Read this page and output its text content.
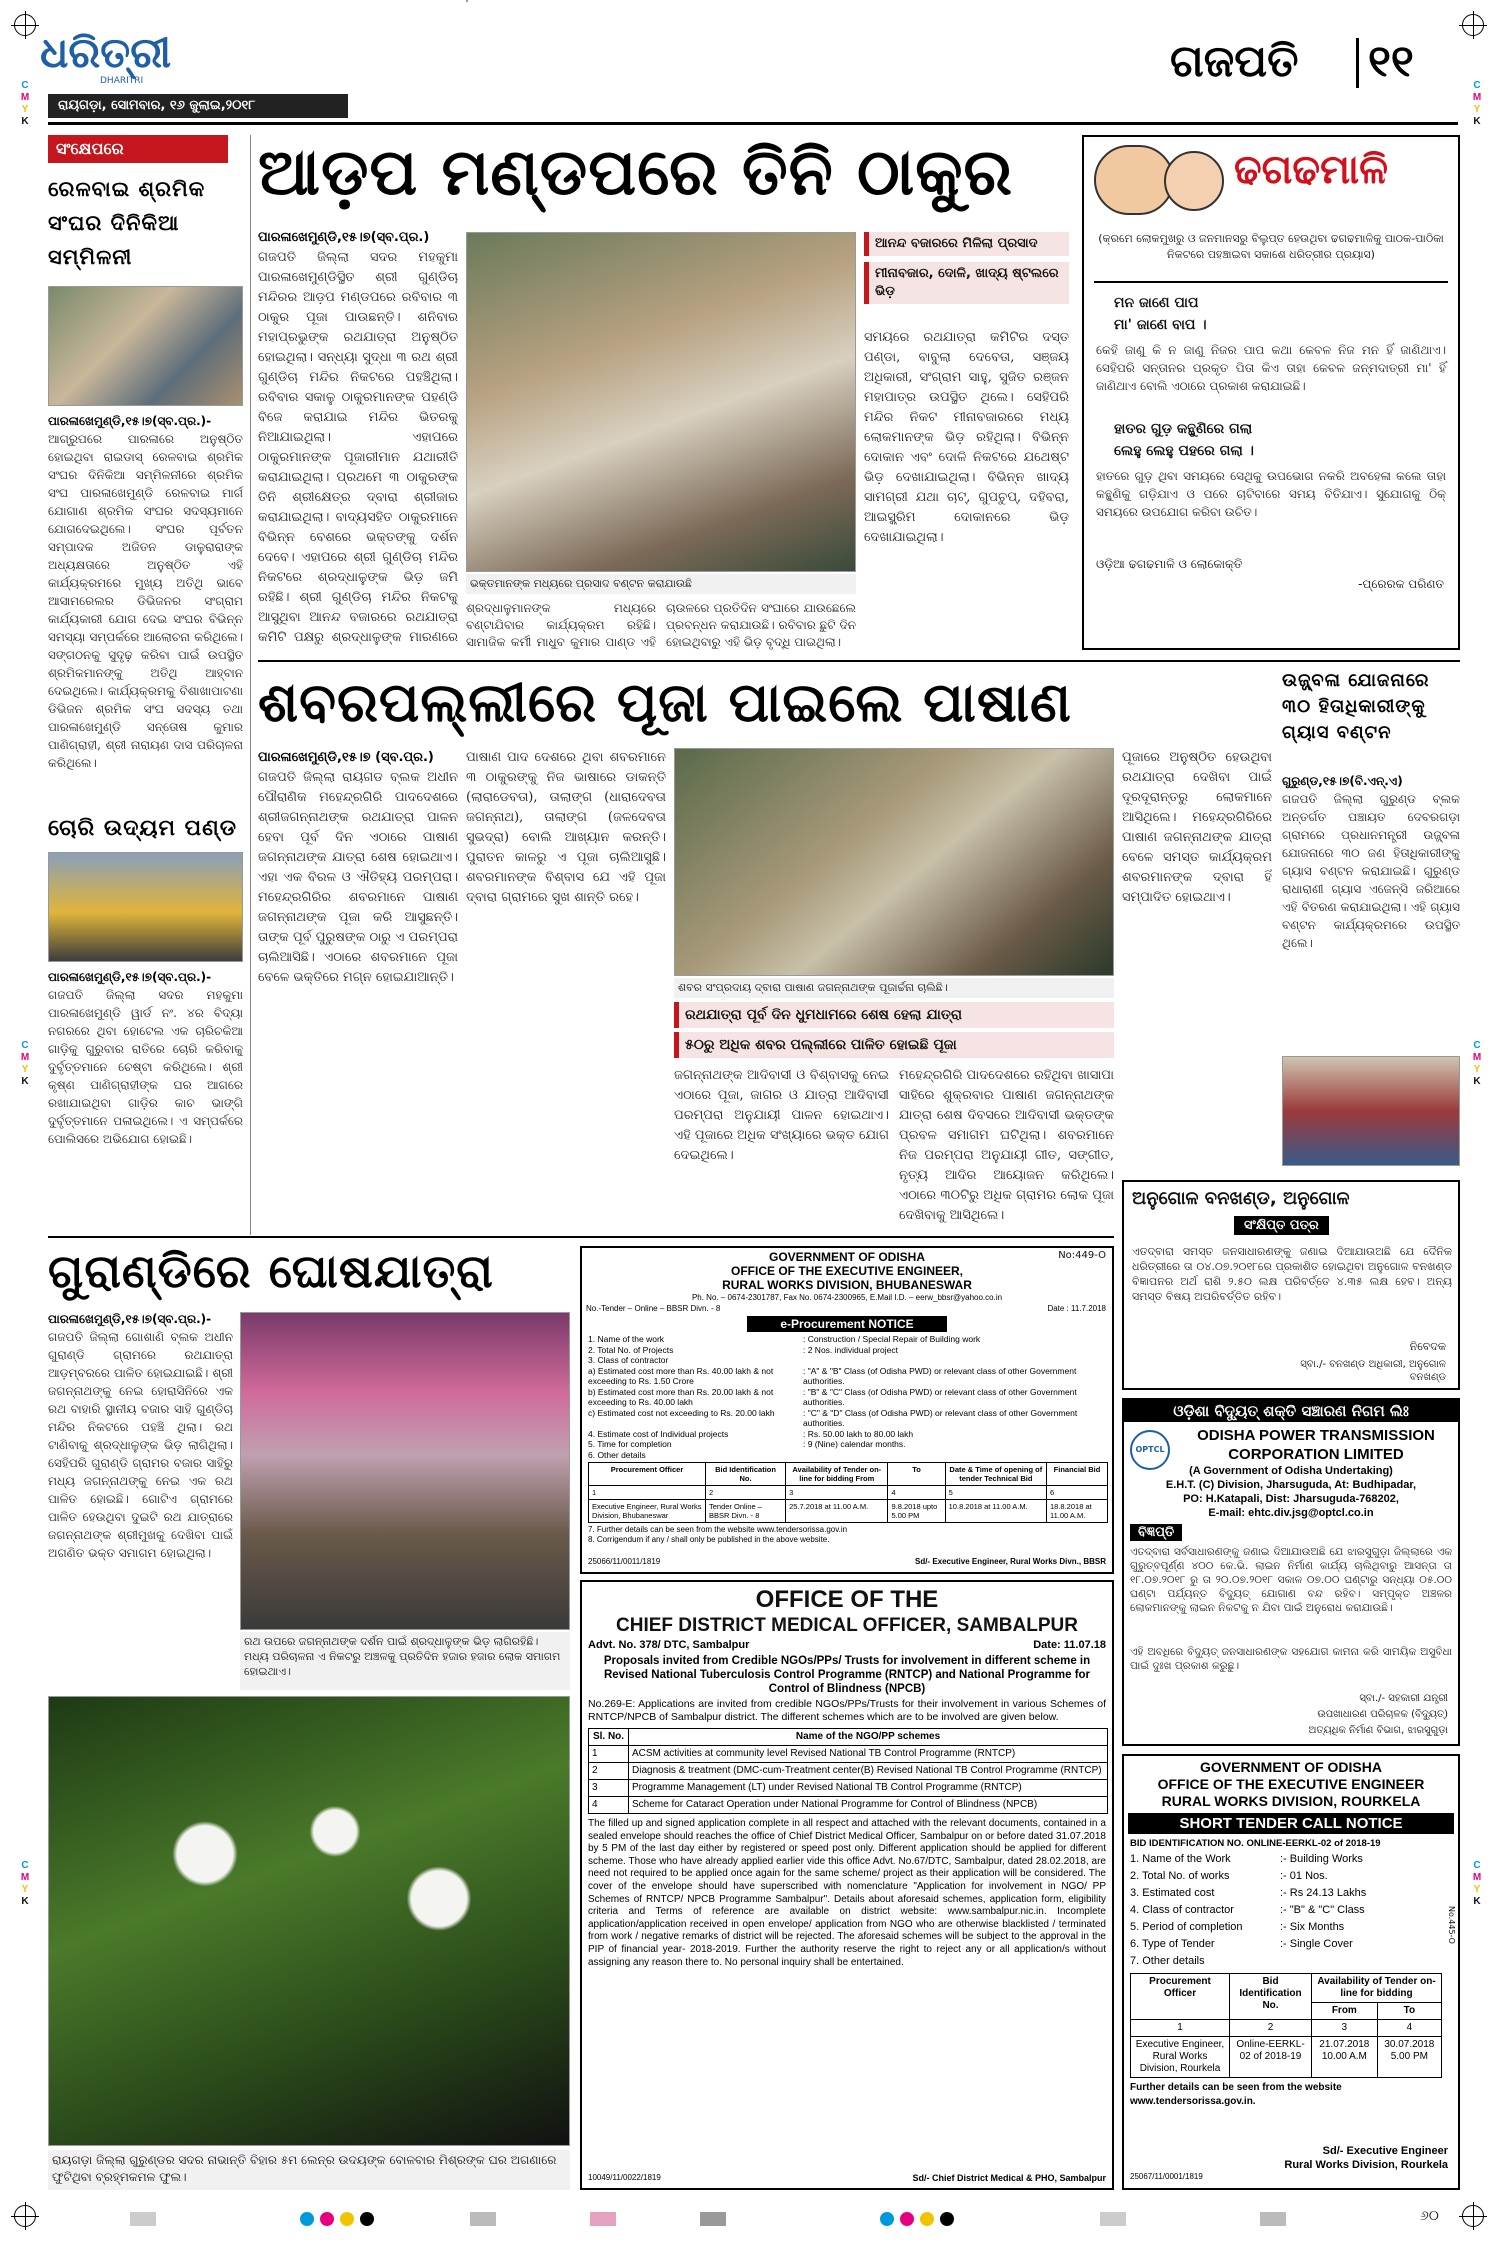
C
M
Y
K
C
M
Y
K
C
M
Y
K
C
M
Y
K
C
M
Y
K
C
M
Y
K
ଧରିତ୍ରୀ
DHARITRI
ରାୟଗଡ଼ା, ସୋମବାର, ୧୬ ଜୁଲାଇ,୨୦୧୮
ଗଜପତି ୧୧
ସଂକ୍ଷେପରେ
ରେଳବାଇ ଶ୍ରମିକ ସଂଘର ଦିନିକିଆ ସମ୍ମିଳନୀ
ପାରଳାଖେମୁଣ୍ଡି,୧୫।୭(ସ୍ବ.ପ୍ର.)- ଆଗ୍ରୁପରେ ପାରଳାରେ ଅନୁଷ୍ଠିତ ହୋଇଥିବା ରାଇଡାସ୍ ରେଳବାଇ ଶ୍ରମିକ ସଂଘର ଦିନିକିଆ ସମ୍ମିଳନୀରେ ଶ୍ରମିକ ସଂଘ ପାରଳାଖେମୁଣ୍ଡି ରେଳବାଇ ମାର୍ଗ ଯୋଗାଣ ଶ୍ରମିକ ସଂଘର ସଦସ୍ୟମାନେ ଯୋଗଦେଇଥିଲେ। ସଂଘର ପୂର୍ବତନ ସମ୍ପାଦକ ଅଜିତନ ଡାଳୁରାରାଙ୍କ ଅଧ୍ୟକ୍ଷତାରେ ଅନୁଷ୍ଠିତ ଏହି କାର୍ଯ୍ୟକ୍ରମରେ ମୁଖ୍ୟ ଅତିଥି ଭାବେ ଆସାମରେଲର ଡିଭିଜନର ସଂଗ୍ରାମ କାର୍ଯ୍ୟକାରୀ ଯୋଗ ଦେଇ ସଂଘର ବିଭିନ୍ନ ସମସ୍ୟା ସମ୍ପର୍କରେ ଆଲୋଚନା କରିଥିଲେ। ସଙ୍ଗଠନକୁ ସୁଦୃଢ଼ କରିବା ପାଇଁ ଉପସ୍ଥିତ ଶ୍ରମିକମାନଙ୍କୁ ଅତିଥି ଆହ୍ବାନ ଦେଇଥିଲେ। କାର୍ଯ୍ୟକ୍ରମକୁ ବିଶାଖାପାଟଣା ଡିଭିଜନ ଶ୍ରମିକ ସଂଘ ସଦସ୍ୟ ତଥା ପାରଳାଖେମୁଣ୍ଡି ସନ୍ତୋଷ କୁମାର ପାଣିଗ୍ରାହୀ, ଶ୍ରୀ ନାରାୟଣ ଦାସ ପରିଚାଳନା କରିଥିଲେ।
ଚୋରି ଉଦ୍ୟମ ପଣ୍ଡ
ପାରଳାଖେମୁଣ୍ଡି,୧୫।୭(ସ୍ବ.ପ୍ର.)- ଗଜପତି ଜିଲ୍ଲା ସଦର ମହକୁମା ପାରଳାଖେମୁଣ୍ଡି ୱାର୍ଡ ନଂ. ୪ର ବିଦ୍ୟା ନଗରରେ ଥିବା ହୋଟେଲ ଏକ ଚାରିଚକିଆ ଗାଡ଼ିକୁ ଗୁରୁବାର ରାତିରେ ଚୋରି କରିବାକୁ ଦୁର୍ବୃତ୍ତମାନେ ଚେଷ୍ଟା କରିଥିଲେ। ଶ୍ରୀ କୃଷ୍ଣ ପାଣିଗ୍ରାହୀଙ୍କ ଘର ଆଗରେ ରଖାଯାଇଥିବା ଗାଡ଼ିର କାଚ ଭାଙ୍ଗି ଦୁର୍ବୃତ୍ତମାନେ ପଳାଇଥିଲେ। ଏ ସମ୍ପର୍କରେ ପୋଲିସରେ ଅଭିଯୋଗ ହୋଇଛି।
ଆଡ଼ପ ମଣ୍ଡପରେ ତିନି ଠାକୁର
ପାରଳାଖେମୁଣ୍ଡି,୧୫।୭(ସ୍ବ.ପ୍ର.)
ଗଜପତି ଜିଲ୍ଲା ସଦର ମହକୁମା ପାରଳାଖେମୁଣ୍ଡିସ୍ଥିତ ଶ୍ରୀ ଗୁଣ୍ଡିଚା ମନ୍ଦିରର ଆଡ଼ପ ମଣ୍ଡପରେ ରବିବାର ୩ ଠାକୁର ପୂଜା ପାଉଛନ୍ତି। ଶନିବାର ମହାପ୍ରଭୁଙ୍କ ରଥଯାତ୍ରା ଅନୁଷ୍ଠିତ ହୋଇଥିଲା। ସନ୍ଧ୍ୟା ସୁଦ୍ଧା ୩ ରଥ ଶ୍ରୀ ଗୁଣ୍ଡିଚା ମନ୍ଦିର ନିକଟରେ ପହଞ୍ଚିଥିଲା। ରବିବାର ସକାଳୁ ଠାକୁରମାନଙ୍କ ପହଣ୍ଡି ବିଜେ କରାଯାଇ ମନ୍ଦିର ଭିତରକୁ ନିଆଯାଇଥିଲା। ଏହାପରେ ଠାକୁରମାନଙ୍କ ପୂଜାରୀମାନ ଯଥାରୀତି କରାଯାଇଥିଲା। ପ୍ରଥମେ ୩ ଠାକୁରଙ୍କ ତିନି ଶ୍ରୀକ୍ଷେତ୍ର ଦ୍ବାରା ଶ୍ରୀଜାର କରାଯାଇଥିଲା। ବାଦ୍ୟସହିତ ଠାକୁରମାନେ ବିଭିନ୍ନ ବେଶରେ ଭକ୍ତଙ୍କୁ ଦର୍ଶନ ଦେବେ। ଏହାପରେ ଶ୍ରୀ ଗୁଣ୍ଡିଚା ମନ୍ଦିର ନିକଟରେ ଶ୍ରଦ୍ଧାଳୁଙ୍କ ଭିଡ଼ ଜମି ରହିଛି। ଶ୍ରୀ ଗୁଣ୍ଡିଚା ମନ୍ଦିର ନିକଟକୁ ଆସୁଥିବା ଆନନ୍ଦ ବଜାରରେ ରଥଯାତ୍ରା କମିଟି ପକ୍ଷରୁ ଶ୍ରଦ୍ଧାଳୁଙ୍କ ମାରଣରେ
ଭକ୍ତମାନଙ୍କ ମଧ୍ୟରେ ପ୍ରସାଦ ବଣ୍ଟନ କରାଯାଉଛି
ଶ୍ରଦ୍ଧାଳୁମାନଙ୍କ ମଧ୍ୟରେ ବଣ୍ଟାଯିବାର କାର୍ଯ୍ୟକ୍ରମ ରହିଛି। ସାମାଜିକ କର୍ମୀ ମାଧୁବ କୁମାର ପାଣ୍ଡ ଏହି
ଚାଉଳରେ ପ୍ରତିଦିନ ସଂଘାରେ ଯାଉଛେଲେ ପ୍ରବନ୍ଧନ କରାଯାଉଛି। ରବିବାର ଛୁଟି ଦିନ ହୋଇଥିବାରୁ ଏହି ଭିଡ଼ ବୃଦ୍ଧି ପାଇଥିଲା।
ଆନନ୍ଦ ବଜାରରେ ମିଳିଲା ପ୍ରସାଦ
ମୀନାବଜାର, ଦୋଳି, ଖାଦ୍ୟ ଷ୍ଟଲରେ ଭିଡ଼
ସମୟରେ ରଥଯାତ୍ରା କମିଟିର ଦସ୍ତ ପଣ୍ଡା, ବାବୁଲା ଦେବେତା, ସଞ୍ଜୟ ଅଧିକାରୀ, ସଂଗ୍ରାମ ସାହୁ, ସୁଜିତ ରଞ୍ଜନ ମହାପାତ୍ର ଉପସ୍ଥିତ ଥିଲେ। ସେହିପରି ମନ୍ଦିର ନିକଟ ମୀନାବଜାରରେ ମଧ୍ୟ ଲୋକମାନଙ୍କ ଭିଡ଼ ରହିଥିଲା। ବିଭିନ୍ନ ଦୋକାନ ଏବଂ ଦୋଳି ନିକଟରେ ଯଥେଷ୍ଟ ଭିଡ଼ ଦେଖାଯାଇଥିଲା। ବିଭିନ୍ନ ଖାଦ୍ୟ ସାମଗ୍ରୀ ଯଥା ଚାଟ୍, ଗୁପଚୁପ୍, ଦହିବରା, ଆଇସ୍କ୍ରିମ ଦୋକାନରେ ଭିଡ଼ ଦେଖାଯାଇଥିଲା।
ଢଗଢମାଳି
(କ୍ରମେ ଲୋକମୁଖରୁ ଓ ଜନମାନସରୁ ବିଲୁପ୍ତ ହେଉଥିବା ଢଗଢମାଳିକୁ ପାଠକ-ପାଠିକା ନିକଟରେ ପହଞ୍ଚାଇବା ସକାଶେ ଧରିତ୍ରୀର ପ୍ରୟାସ)
ମନ ଜାଣେ ପାପ
ମା' ଜାଣେ ବାପ ।
କେହି ଜାଣୁ କି ନ ଜାଣୁ ନିଜର ପାପ କଥା କେବଳ ନିଜ ମନ ହିଁ ଜାଣିଥାଏ। ସେହିପରି ସନ୍ତାନର ପ୍ରକୃତ ପିତା କିଏ ତାହା କେବଳ ଜନ୍ମଦାତ୍ରୀ ମା' ହିଁ ଜାଣିଥାଏ ବୋଲି ଏଠାରେ ପ୍ରକାଶ କରାଯାଇଛି।
ହାତର ଗୁଡ଼ କନ୍ଥୁଣିରେ ଗଲା
ଲେହୁ ଲେହୁ ପହରେ ଗଲା ।
ହାତରେ ଗୁଡ଼ ଥିବା ସମୟରେ ସେଥିକୁ ଉପଭୋଗ ନକରି ଅବହେଳା କଲେ ତାହା କନ୍ଥୁଣିକୁ ଗଡ଼ିଯାଏ ଓ ପରେ ଚାଟିବାରେ ସମୟ ବିତିଯାଏ। ସୁଯୋଗକୁ ଠିକ୍ ସମୟରେ ଉପଯୋଗ କରିବା ଉଚିତ।
ଓଡ଼ିଆ ଢଗଢମାଳି ଓ ଲୋକୋକ୍ତି
-ପ୍ରେରକ ପରିଣତ
ଶବରପଲ୍ଲୀରେ ପୂଜା ପାଇଲେ ପାଷାଣ
ପାରଳାଖେମୁଣ୍ଡି,୧୫।୭ (ସ୍ବ.ପ୍ର.)
ଗଜପତି ଜିଲ୍ଲା ରାୟଗଡ ବ୍ଲକ ଅଧୀନ ପୌରାଣିକ ମହେନ୍ଦ୍ରଗିରି ପାଦଦେଶରେ ଶ୍ରୀଜଗନ୍ନାଥଙ୍କ ରଥଯାତ୍ରା ପାଳନ ହେବା ପୂର୍ବ ଦିନ ଏଠାରେ ପାଷାଣ ଜଗନ୍ନାଥଙ୍କ ଯାତ୍ରା ଶେଷ ହୋଇଥାଏ। ଏହା ଏକ ବିରଳ ଓ ଐତିହ୍ୟ ପରମ୍ପରା। ମହେନ୍ଦ୍ରଗିରିର ଶବରମାନେ ପାଷାଣ ଜଗନ୍ନାଥଙ୍କ ପୂଜା କରି ଆସୁଛନ୍ତି। ତାଙ୍କ ପୂର୍ବ ପୁରୁଷଙ୍କ ଠାରୁ ଏ ପରମ୍ପରା ଚାଲିଆସିଛି। ଏଠାରେ ଶବରମାନେ ପୂଜା ବେଳେ ଭକ୍ତିରେ ମଗ୍ନ ହୋଇଯାଆନ୍ତି।
ପାଷାଣ ପାଦ ଦେଶରେ ଥିବା ଶବରମାନେ ୩ ଠାକୁରଙ୍କୁ ନିଜ ଭାଷାରେ ଡାକନ୍ତି (ଲାରାଡେବତା), ତାଲାଙ୍ଗ (ଧାରାଦେବତା ଜଗନ୍ନାଥ), ତାଲାଙ୍ଗ (ଜଳଦେବତା ସୁଭଦ୍ରା) ବୋଲି ଆଖ୍ୟାନ କରନ୍ତି। ପୁରାତନ କାଳରୁ ଏ ପୂଜା ଚାଲିଆସୁଛି। ଶବରମାନଙ୍କ ବିଶ୍ବାସ ଯେ ଏହି ପୂଜା ଦ୍ବାରା ଗ୍ରାମରେ ସୁଖ ଶାନ୍ତି ରହେ।
ଶବର ସଂପ୍ରଦାୟ ଦ୍ବାରା ପାଷାଣ ଜଗନ୍ନାଥଙ୍କ ପୂଜାର୍ଚ୍ଚନା ଚାଲିଛି।
ରଥଯାତ୍ରା ପୂର୍ବ ଦିନ ଧୁମଧାମରେ ଶେଷ ହେଲା ଯାତ୍ରା
୫୦ରୁ ଅଧିକ ଶବର ପଲ୍ଲୀରେ ପାଳିତ ହୋଇଛି ପୂଜା
ଜଗନ୍ନାଥଙ୍କ ଆଦିବାସୀ ଓ ବିଶ୍ବାସକୁ ନେଇ ଏଠାରେ ପୂଜା, ଜାଗର ଓ ଯାତ୍ରା ଆଦିବାସୀ ପରମ୍ପରା ଅନୁଯାୟୀ ପାଳନ ହୋଇଥାଏ। ଏହି ପୂଜାରେ ଅଧିକ ସଂଖ୍ୟାରେ ଭକ୍ତ ଯୋଗ ଦେଇଥିଲେ।
ମହେନ୍ଦ୍ରଗିରି ପାଦଦେଶରେ ରହିଥିବା ଖାସାପା ସାହିରେ ଶୁକ୍ରବାର ପାଷାଣ ଜଗନ୍ନାଥଙ୍କ ଯାତ୍ରା ଶେଷ ଦିବସରେ ଆଦିବାସୀ ଭକ୍ତଙ୍କ ପ୍ରବଳ ସମାଗମ ଘଟିଥିଲା। ଶବରମାନେ ନିଜ ପରମ୍ପରା ଅନୁଯାୟୀ ଗୀତ, ସଙ୍ଗୀତ, ନୃତ୍ୟ ଆଦିର ଆୟୋଜନ କରିଥିଲେ। ଏଠାରେ ୩୦ଟିରୁ ଅଧିକ ଗ୍ରାମର ଲୋକ ପୂଜା ଦେଖିବାକୁ ଆସିଥିଲେ।
ପୂଜାରେ ଅନୁଷ୍ଠିତ ହେଉଥିବା ରଥଯାତ୍ରା ଦେଖିବା ପାଇଁ ଦୂରଦୂରାନ୍ତରୁ ଲୋକମାନେ ଆସିଥିଲେ। ମହେନ୍ଦ୍ରଗିରିରେ ପାଷାଣ ଜଗନ୍ନାଥଙ୍କ ଯାତ୍ରା ବେଳେ ସମସ୍ତ କାର୍ଯ୍ୟକ୍ରମ ଶବରମାନଙ୍କ ଦ୍ବାରା ହିଁ ସମ୍ପାଦିତ ହୋଇଥାଏ।
ଉଜ୍ଜ୍ବଳା ଯୋଜନାରେ ୩୦ ହିତାଧିକାରୀଙ୍କୁ ଗ୍ୟାସ ବଣ୍ଟନ
ଗୁରୁଣ୍ଡ,୧୫।୭(ବି.ଏନ୍.ଏ)
ଗଜପତି ଜିଲ୍ଲା ଗୁରୁଣ୍ଡ ବ୍ଲକ ଅନ୍ତର୍ଗତ ପଞ୍ଚାୟତ ଦେବରଗଡ଼ା ଗ୍ରାମରେ ପ୍ରଧାନମନ୍ତ୍ରୀ ଉଜ୍ଜ୍ବଳା ଯୋଜନାରେ ୩୦ ଜଣ ହିତାଧିକାରୀଙ୍କୁ ଗ୍ୟାସ ବଣ୍ଟନ କରାଯାଇଛି। ଗୁରୁଣ୍ଡ ରାଧାରାଣୀ ଗ୍ୟାସ ଏଜେନ୍ସି ଜରିଆରେ ଏହି ବିତରଣ କରାଯାଇଥିଲା। ଏହି ଗ୍ୟାସ ବଣ୍ଟନ କାର୍ଯ୍ୟକ୍ରମରେ ଉପସ୍ଥିତ ଥିଲେ।
ଅନୁଗୋଳ ବନଖଣ୍ଡ, ଅନୁଗୋଳ
ସଂକ୍ଷିପ୍ତ ପତ୍ର
ଏତଦ୍ବାରା ସମସ୍ତ ଜନସାଧାରଣଙ୍କୁ ଜଣାଇ ଦିଆଯାଉଅଛି ଯେ ଦୈନିକ ଧରିତ୍ରୀରେ ତା ୦୪.୦୭.୨୦୧୮ରେ ପ୍ରକାଶିତ ହୋଇଥିବା ଅନୁଗୋଳ ବନଖଣ୍ଡ ବିଜ୍ଞାପନର ଅର୍ଥ ରାଶି ୨.୫୦ ଲକ୍ଷ ପରିବର୍ତ୍ତେ ୪.୩୫ ଲକ୍ଷ ହେବ। ଅନ୍ୟ ସମସ୍ତ ବିଷୟ ଅପରିବର୍ତ୍ତିତ ରହିବ।
ନିବେଦକ
ସ୍ବା./- ବନଖଣ୍ଡ ଅଧିକାରୀ, ଅନୁଗୋଳ ବନଖଣ୍ଡ
ଗୁରାଣ୍ଡିରେ ଘୋଷଯାତ୍ରା
ପାରଳାଖେମୁଣ୍ଡି,୧୫।୭(ସ୍ବ.ପ୍ର.)-
ଗଜପତି ଜିଲ୍ଲା ଗୋଶାଣି ବ୍ଲକ ଅଧୀନ ଗୁରାଣ୍ଡି ଗ୍ରାମରେ ରଥଯାତ୍ରା ଆଡ଼ମ୍ବରରେ ପାଳିତ ହୋଇଯାଇଛି। ଶ୍ରୀ ଜଗନ୍ନାଥଙ୍କୁ ନେଇ ହୋରାସିନିରେ ଏକ ରଥ ବାହାରି ସ୍ଥାନୀୟ ବଜାର ସାହି ଗୁଣ୍ଡିଚା ମନ୍ଦିର ନିକଟରେ ପହଞ୍ଚି ଥିଲା। ରଥ ଟାଣିବାକୁ ଶ୍ରଦ୍ଧାଳୁଙ୍କ ଭିଡ଼ ଲାଗିଥିଲା। ସେହିପରି ଗୁରାଣ୍ଡି ଗ୍ରାମର ବଜାର ସାହିରୁ ମଧ୍ୟ ଜଗନ୍ନାଥଙ୍କୁ ନେଇ ଏକ ରଥ ପାଳିତ ହୋଇଛି। ଗୋଟିଏ ଗ୍ରାମରେ ପାଳିତ ହେଉଥିବା ଦୁଇଟି ରଥ ଯାତ୍ରାରେ ଜଗନ୍ନାଥଙ୍କ ଶ୍ରୀମୁଖକୁ ଦେଖିବା ପାଇଁ ଅଗଣିତ ଭକ୍ତ ସମାଗମ ହୋଇଥିଲା।
ରଥ ଉପରେ ଜଗନ୍ନାଥଙ୍କ ଦର୍ଶନ ପାଇଁ ଶ୍ରଦ୍ଧାଳୁଙ୍କ ଭିଡ଼ ଲାଗିରହିଛି। ମଧ୍ୟ ପରିଚାଳନା ଏ ନିକଟରୁ ଅଞ୍ଚଳକୁ ପ୍ରତିଦିନ ହଜାର ହଜାର ଲୋକ ସମାଗମ ହୋଇଥାଏ।
ରାୟଗଡ଼ା ଜିଲ୍ଲା ଗୁରୁଣ୍ଡର ସଦର ନାଭାନ୍ତି ବିହାର ୫ମ ଲେନ୍‌ର ଉଦୟଙ୍କ ବୋଳବାର ମିଶ୍ରଙ୍କ ଘର ଅଗଣାରେ ଫୁଟିଥିବା ବ୍ରହ୍ମକମଳ ଫୁଲ।
No:449-O
GOVERNMENT OF ODISHA
OFFICE OF THE EXECUTIVE ENGINEER,
RURAL WORKS DIVISION, BHUBANESWAR
Ph. No. – 0674-2301787, Fax No. 0674-2300965, E.Mail I.D. – eerw_bbsr@yahoo.co.in
No.-Tender – Online – BBSR Divn. - 8	Date : 11.7.2018
e-Procurement NOTICE
1. Name of the work	: Construction / Special Repair of Building work
2. Total No. of Projects	: 2 Nos. individual project
3. Class of contractor
a) Estimated cost more than Rs. 40.00 lakh & not exceeding to Rs. 1.50 Crore
: "A" & "B" Class (of Odisha PWD) or relevant class of other Government authorities.
b) Estimated cost more than Rs. 20.00 lakh & not exceeding to Rs. 40.00 lakh
: "B" & "C" Class (of Odisha PWD) or relevant class of other Government authorities.
c) Estimated cost not exceeding to Rs. 20.00 lakh	: "C" & "D" Class (of Odisha PWD) or relevant class of other Government authorities.
4. Estimate cost of Individual projects	: Rs. 50.00 lakh to 80.00 lakh
5. Time for completion	: 9 (Nine) calendar months.
6. Other details
Procurement Officer	Bid Identification No.	Availability of Tender on-line for bidding From	To	Date & Time of opening of tender Technical Bid	Financial Bid
1	2	3	4	5	6
Executive Engineer, Rural Works Division, Bhubaneswar	Tender Online – BBSR Divn. - 8	25.7.2018 at 11.00 A.M.	9.8.2018 upto 5.00 PM	10.8.2018 at 11.00 A.M.	18.8.2018 at 11.00 A.M.
7. Further details can be seen from the website www.tendersorissa.gov.in
8. Corrigendum if any / shall only be published in the above website.
25066/11/0011/1819	Sd/- Executive Engineer, Rural Works Divn., BBSR
OFFICE OF THE
CHIEF DISTRICT MEDICAL OFFICER, SAMBALPUR
Advt. No. 378/ DTC, Sambalpur	Date: 11.07.18
Proposals invited from Credible NGOs/PPs/ Trusts for involvement in different scheme in Revised National Tuberculosis Control Programme (RNTCP) and National Programme for Control of Blindness (NPCB)
No.269-E: Applications are invited from credible NGOs/PPs/Trusts for their involvement in various Schemes of RNTCP/NPCB of Sambalpur district. The different schemes which are to be involved are given below.
Sl. No.	Name of the NGO/PP schemes
1	ACSM activities at community level Revised National TB Control Programme (RNTCP)
2	Diagnosis & treatment (DMC-cum-Treatment center(B) Revised National TB Control Programme (RNTCP)
3	Programme Management (LT) under Revised National TB Control Programme (RNTCP)
4	Scheme for Cataract Operation under National Programme for Control of Blindness (NPCB)
The filled up and signed application complete in all respect and attached with the relevant documents, contained in a sealed envelope should reaches the office of Chief District Medical Officer, Sambalpur on or before dated 31.07.2018 by 5 PM of the last day either by registered or speed post only. Different application should be applied for different scheme. Those who have already applied earlier vide this office Advt. No.67/DTC, Sambalpur, dated 28.02.2018, are need not required to be applied once again for the same scheme/ project as their application will be considered. The cover of the envelope should have superscribed with nomenclature "Application for involvement in NGO/ PP Schemes of RNTCP/ NPCB Programme Sambalpur". Details about aforesaid schemes, application form, eligibility criteria and Terms of reference are available on district website: www.sambalpur.nic.in. Incomplete application/application received in open envelope/ application from NGO who are otherwise blacklisted / terminated from work / negative remarks of district will be rejected. The aforesaid schemes will be subject to the approval in the PIP of financial year- 2018-2019. Further the authority reserve the right to reject any or all application/s without assigning any reason there to. No personal inquiry shall be entertained.
10049/11/0022/1819	Sd/- Chief District Medical & PHO, Sambalpur
ଓଡ଼ିଶା ବିଦ୍ୟୁତ୍ ଶକ୍ତି ସଞ୍ଚାରଣ ନିଗମ ଲିଃ
OPTCL
ODISHA POWER TRANSMISSION
CORPORATION LIMITED
(A Government of Odisha Undertaking)
E.H.T. (C) Division, Jharsuguda, At: Budhipadar,
PO: H.Katapali, Dist: Jharsuguda-768202,
E-mail: ehtc.div.jsg@optcl.co.in
ବିଜ୍ଞପ୍ତି
ଏତଦ୍ବାରା ସର୍ବସାଧାରଣଙ୍କୁ ଜଣାଇ ଦିଆଯାଉଅଛି ଯେ ଝାରସୁଗୁଡ଼ା ଜିଲ୍ଲାରେ ଏକ ଗୁରୁତ୍ବପୂର୍ଣ୍ଣ ୪୦୦ କେ.ଭି. ଲାଇନ ନିର୍ମାଣ କାର୍ଯ୍ୟ ଚାଲିଥିବାରୁ ଆସନ୍ତା ତା ୧୮.୦୭.୨୦୧୮ ରୁ ତା ୨୦.୦୭.୨୦୧୮ ସକାଳ ୦୭.୦୦ ଘଣ୍ଟାରୁ ସନ୍ଧ୍ୟା ୦୫.୦୦ ଘଣ୍ଟା ପର୍ଯ୍ୟନ୍ତ ବିଦ୍ୟୁତ୍ ଯୋଗାଣ ବନ୍ଦ ରହିବ। ସମ୍ପୃକ୍ତ ଅଞ୍ଚଳର ଲୋକମାନଙ୍କୁ ଲାଇନ ନିକଟକୁ ନ ଯିବା ପାଇଁ ଅନୁରୋଧ କରାଯାଉଛି।
ଏହି ଅବଧିରେ ବିଦ୍ୟୁତ୍ ଜନସାଧାରଣଙ୍କ ସହଯୋଗ କାମନା କରି ସାମୟିକ ଅସୁବିଧା ପାଇଁ ଦୁଃଖ ପ୍ରକାଶ କରୁଛୁ।
ସ୍ବା./- ସହକାରୀ ଯନ୍ତ୍ରୀ
ଉପଖାଧାରଣ ପରିଚାଳକ (ବିଦ୍ୟୁତ୍)
ଅତ୍ୟଧିକ ନିର୍ମାଣ ବିଭାଗ, ଝାରସୁଗୁଡ଼ା
GOVERNMENT OF ODISHA
OFFICE OF THE EXECUTIVE ENGINEER
RURAL WORKS DIVISION, ROURKELA
SHORT TENDER CALL NOTICE
BID IDENTIFICATION NO. ONLINE-EERKL-02 of 2018-19
No.445-O
1. Name of the Work	:- Building Works
2. Total No. of works	:- 01 Nos.
3. Estimated cost	:- Rs 24.13 Lakhs
4. Class of contractor	:- "B" & "C" Class
5. Period of completion	:- Six Months
6. Type of Tender	:- Single Cover
7. Other details
Procurement Officer	Bid Identification No.	Availability of Tender on-line for bidding	
		From	To
1	2	3	4
Executive Engineer, Rural Works Division, Rourkela	Online-EERKL- 02 of 2018-19	21.07.2018 10.00 A.M	30.07.2018 5.00 PM
Further details can be seen from the website www.tendersorissa.gov.in.
Sd/- Executive Engineer
Rural Works Division, Rourkela
25067/11/0001/1819
୬୦
